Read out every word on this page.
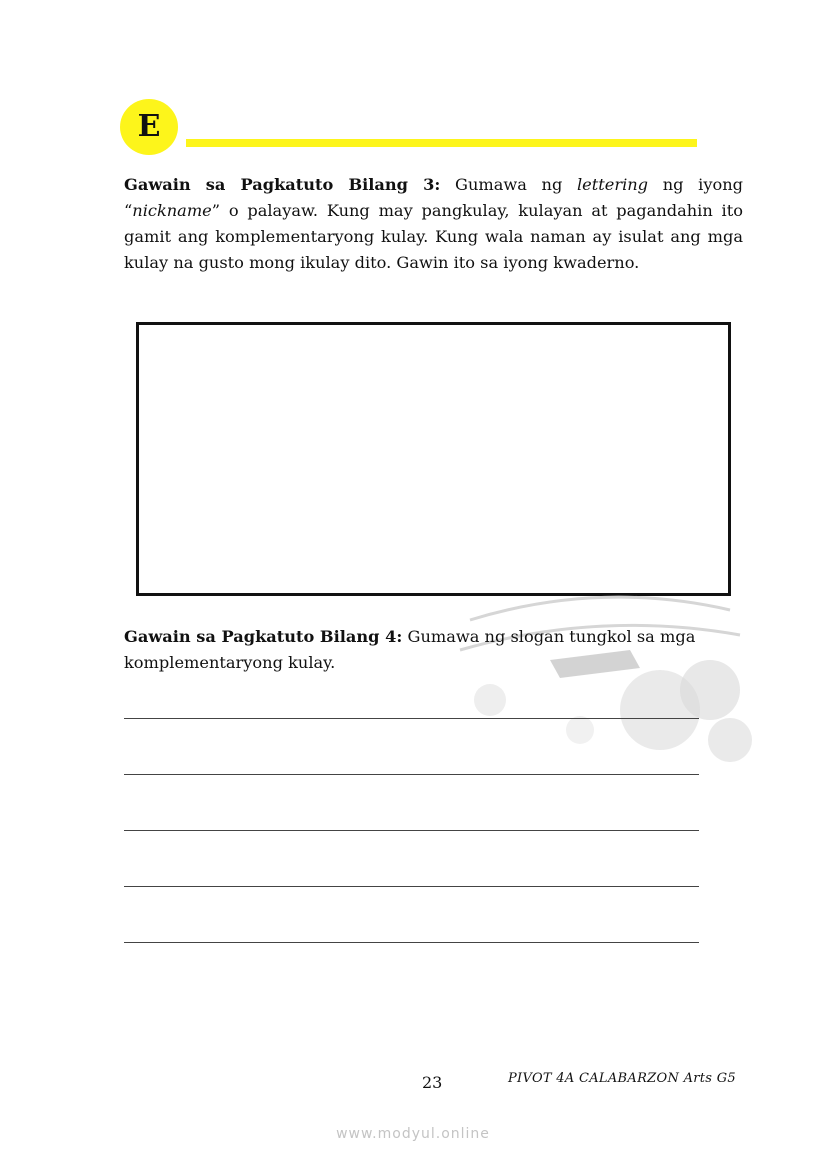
E

Gawain sa Pagkatuto Bilang 3: Gumawa ng lettering ng iyong “nickname” o palayaw. Kung may pangkulay, kulayan at pagandahin ito gamit ang komplementaryong kulay. Kung wala naman ay isulat ang mga kulay na gusto mong ikulay dito. Gawin ito sa iyong kwaderno.

Gawain sa Pagkatuto Bilang 4: Gumawa ng slogan tungkol sa mga komplementaryong kulay.

23	PIVOT 4A CALABARZON Arts G5
www.modyul.online
